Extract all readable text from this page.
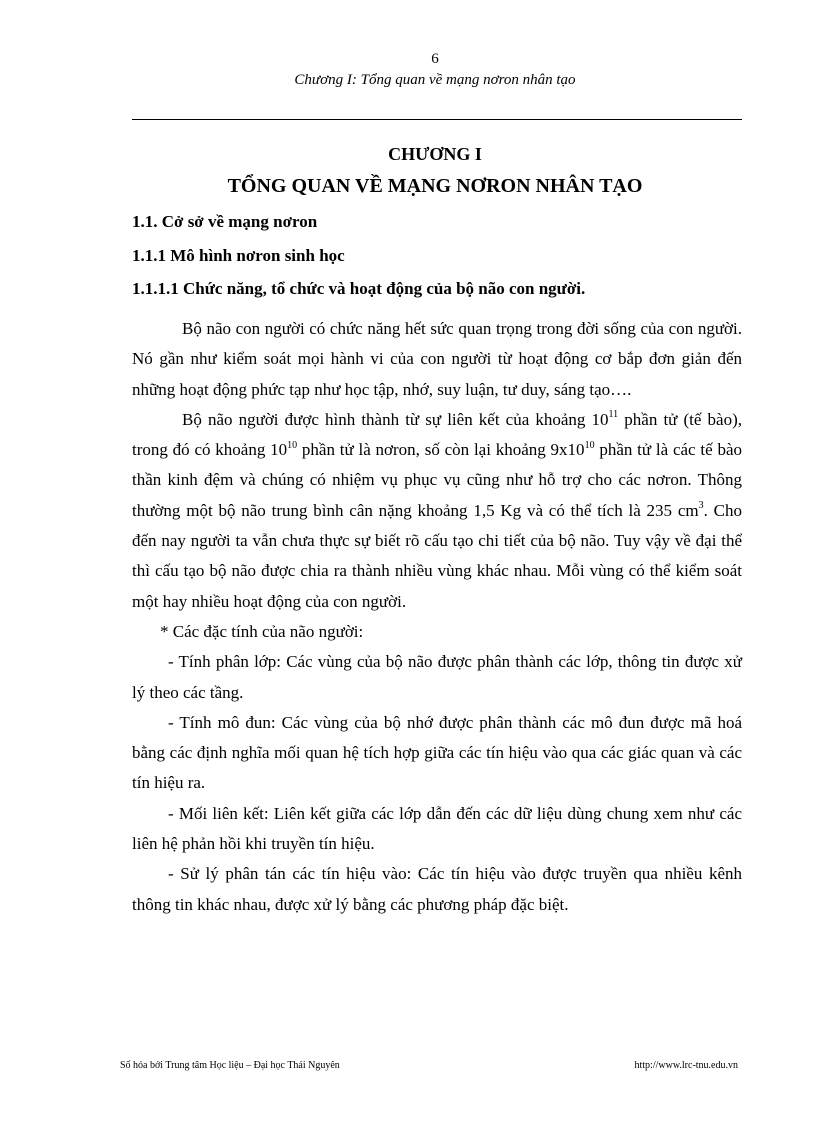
6
Chương I: Tổng quan về mạng nơron nhân tạo
CHƯƠNG I
TỔNG QUAN VỀ MẠNG NƠRON NHÂN TẠO
1.1. Cở sở về mạng nơron
1.1.1 Mô hình nơron sinh học
1.1.1.1 Chức năng, tổ chức và hoạt động của bộ não con người.

Bộ não con người có chức năng hết sức quan trọng trong đời sống của con người. Nó gần như kiểm soát mọi hành vi của con người từ hoạt động cơ bắp đơn giản đến những hoạt động phức tạp như học tập, nhớ, suy luận, tư duy, sáng tạo….

Bộ não người được hình thành từ sự liên kết của khoảng $10^{11}$ phần tử (tế bào), trong đó có khoảng $10^{10}$ phần tử là nơron, số còn lại khoảng $9x10^{10}$ phần tử là các tế bào thần kinh đệm và chúng có nhiệm vụ phục vụ cũng như hỗ trợ cho các nơron. Thông thường một bộ não trung bình cân nặng khoảng 1,5 Kg và có thể tích là 235 $cm^3$. Cho đến nay người ta vẫn chưa thực sự biết rõ cấu tạo chi tiết của bộ não. Tuy vậy về đại thể thì cấu tạo bộ não được chia ra thành nhiều vùng khác nhau. Mỗi vùng có thể kiểm soát một hay nhiều hoạt động của con người.

* Các đặc tính của não người:

- Tính phân lớp: Các vùng của bộ não được phân thành các lớp, thông tin được xử lý theo các tầng.

- Tính mô đun: Các vùng của bộ nhớ được phân thành các mô đun được mã hoá bằng các định nghĩa mối quan hệ tích hợp giữa các tín hiệu vào qua các giác quan và các tín hiệu ra.

- Mối liên kết: Liên kết giữa các lớp dẫn đến các dữ liệu dùng chung xem như các liên hệ phản hồi khi truyền tín hiệu.

- Sử lý phân tán các tín hiệu vào: Các tín hiệu vào được truyền qua nhiều kênh thông tin khác nhau, được xử lý bằng các phương pháp đặc biệt.

Số hóa bởi Trung tâm Học liệu – Đại học Thái Nguyên	http://www.lrc-tnu.edu.vn
